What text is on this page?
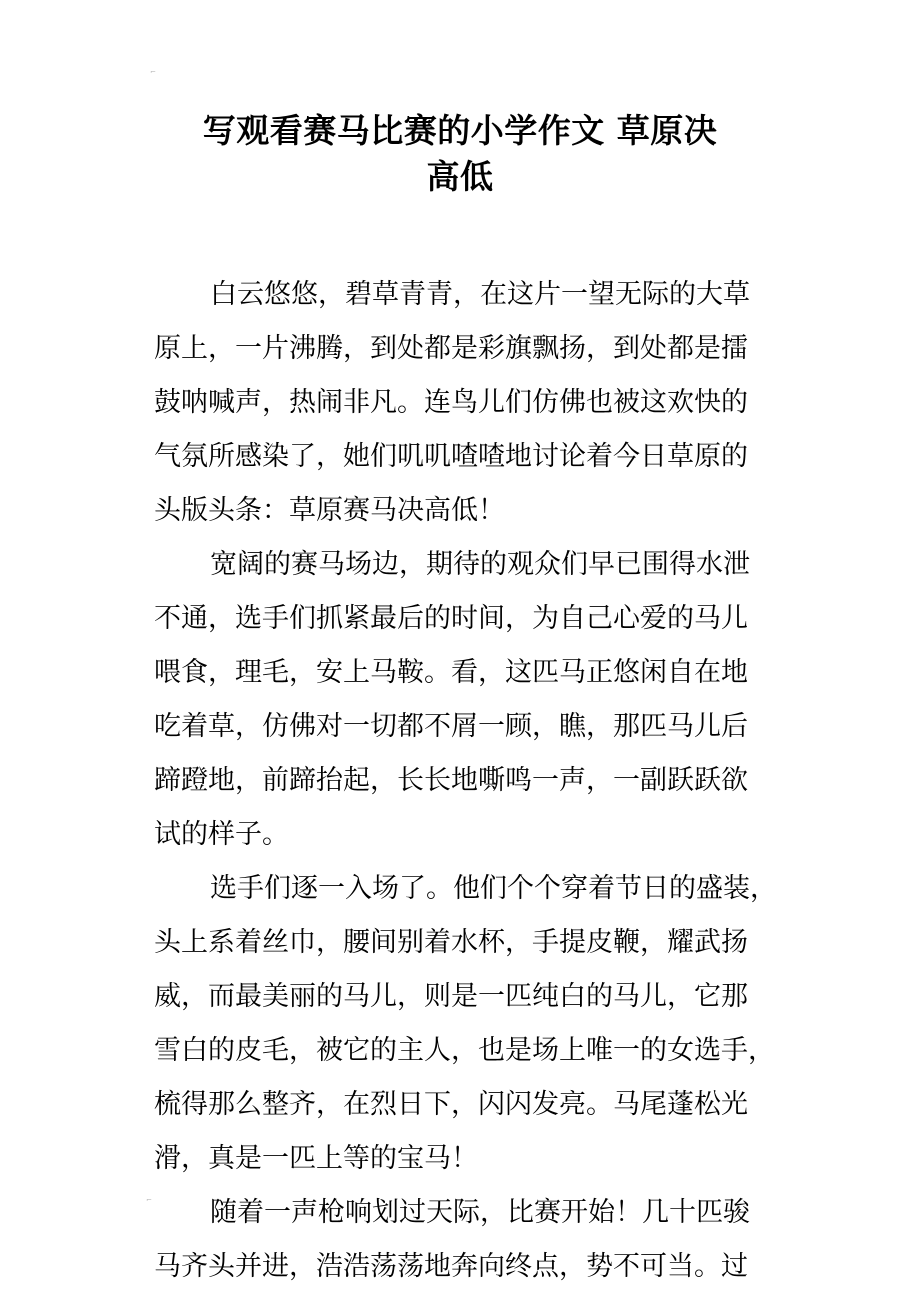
⌐
⌐
写观看赛马比赛的小学作文 草原决
高低

白云悠悠，碧草青青，在这片一望无际的大草
原上，一片沸腾，到处都是彩旗飘扬，到处都是擂
鼓呐喊声，热闹非凡。连鸟儿们仿佛也被这欢快的
气氛所感染了，她们叽叽喳喳地讨论着今日草原的
头版头条：草原赛马决高低！

宽阔的赛马场边，期待的观众们早已围得水泄
不通，选手们抓紧最后的时间，为自己心爱的马儿
喂食，理毛，安上马鞍。看，这匹马正悠闲自在地
吃着草，仿佛对一切都不屑一顾，瞧，那匹马儿后
蹄蹬地，前蹄抬起，长长地嘶鸣一声，一副跃跃欲
试的样子。

选手们逐一入场了。他们个个穿着节日的盛装，
头上系着丝巾，腰间别着水杯，手提皮鞭，耀武扬
威，而最美丽的马儿，则是一匹纯白的马儿，它那
雪白的皮毛，被它的主人，也是场上唯一的女选手，
梳得那么整齐，在烈日下，闪闪发亮。马尾蓬松光
滑，真是一匹上等的宝马！

随着一声枪响划过天际，比赛开始！几十匹骏
马齐头并进，浩浩荡荡地奔向终点，势不可当。过
